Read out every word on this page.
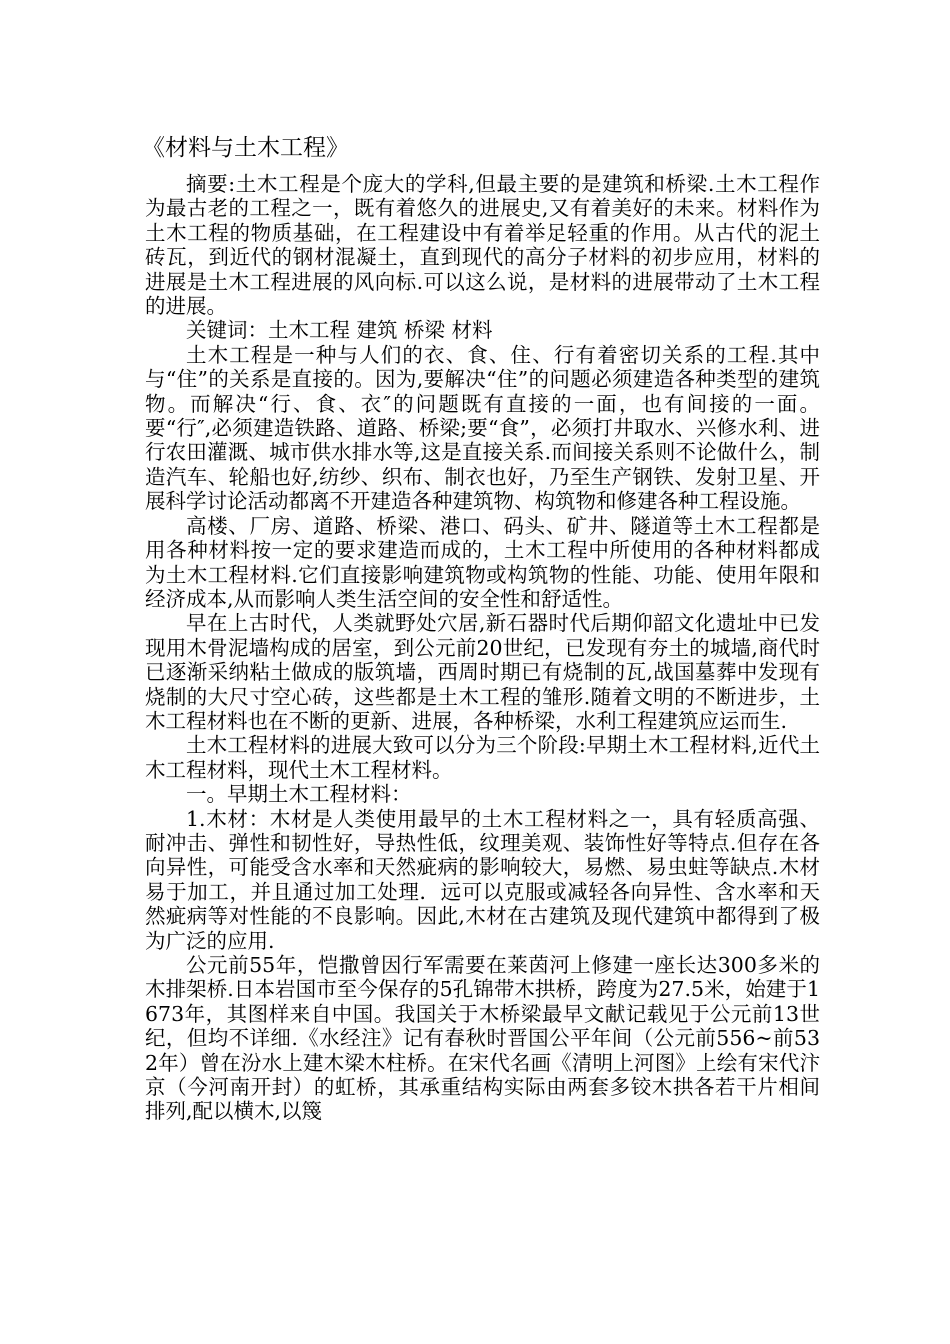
《材料与土木工程》

摘要:土木工程是个庞大的学科,但最主要的是建筑和桥梁.土木工程作为最古老的工程之一，既有着悠久的进展史,又有着美好的未来。材料作为土木工程的物质基础，在工程建设中有着举足轻重的作用。从古代的泥土砖瓦，到近代的钢材混凝土，直到现代的高分子材料的初步应用，材料的进展是土木工程进展的风向标.可以这么说，是材料的进展带动了土木工程的进展。

关键词：土木工程 建筑 桥梁 材料

土木工程是一种与人们的衣、食、住、行有着密切关系的工程.其中与“住”的关系是直接的。因为,要解决“住”的问题必须建造各种类型的建筑物。而解决“行、食、衣″的问题既有直接的一面，也有间接的一面。要“行″,必须建造铁路、道路、桥梁;要“食”，必须打井取水、兴修水利、进行农田灌溉、城市供水排水等,这是直接关系.而间接关系则不论做什么，制造汽车、轮船也好,纺纱、织布、制衣也好，乃至生产钢铁、发射卫星、开展科学讨论活动都离不开建造各种建筑物、构筑物和修建各种工程设施。

高楼、厂房、道路、桥梁、港口、码头、矿井、隧道等土木工程都是用各种材料按一定的要求建造而成的，土木工程中所使用的各种材料都成为土木工程材料.它们直接影响建筑物或构筑物的性能、功能、使用年限和经济成本,从而影响人类生活空间的安全性和舒适性。

早在上古时代，人类就野处穴居,新石器时代后期仰韶文化遗址中已发现用木骨泥墙构成的居室，到公元前20世纪，已发现有夯土的城墙,商代时已逐渐采纳粘土做成的版筑墙，西周时期已有烧制的瓦,战国墓葬中发现有烧制的大尺寸空心砖，这些都是土木工程的雏形.随着文明的不断进步，土木工程材料也在不断的更新、进展，各种桥梁，水利工程建筑应运而生.

土木工程材料的进展大致可以分为三个阶段:早期土木工程材料,近代土木工程材料，现代土木工程材料。

一。早期土木工程材料：

1.木材：木材是人类使用最早的土木工程材料之一，具有轻质高强、耐冲击、弹性和韧性好，导热性低，纹理美观、装饰性好等特点.但存在各向异性，可能受含水率和天然疵病的影响较大，易燃、易虫蛀等缺点.木材易于加工，并且通过加工处理．远可以克服或减轻各向异性、含水率和天然疵病等对性能的不良影响。因此,木材在古建筑及现代建筑中都得到了极为广泛的应用.

公元前55年，恺撒曾因行军需要在莱茵河上修建一座长达300多米的木排架桥.日本岩国市至今保存的5孔锦带木拱桥，跨度为27.5米，始建于1673年，其图样来自中国。我国关于木桥梁最早文献记载见于公元前13世纪，但均不详细.《水经注》记有春秋时晋国公平年间（公元前556~前532年）曾在汾水上建木梁木柱桥。在宋代名画《清明上河图》上绘有宋代汴京（今河南开封）的虹桥，其承重结构实际由两套多铰木拱各若干片相间排列,配以横木,以篾
